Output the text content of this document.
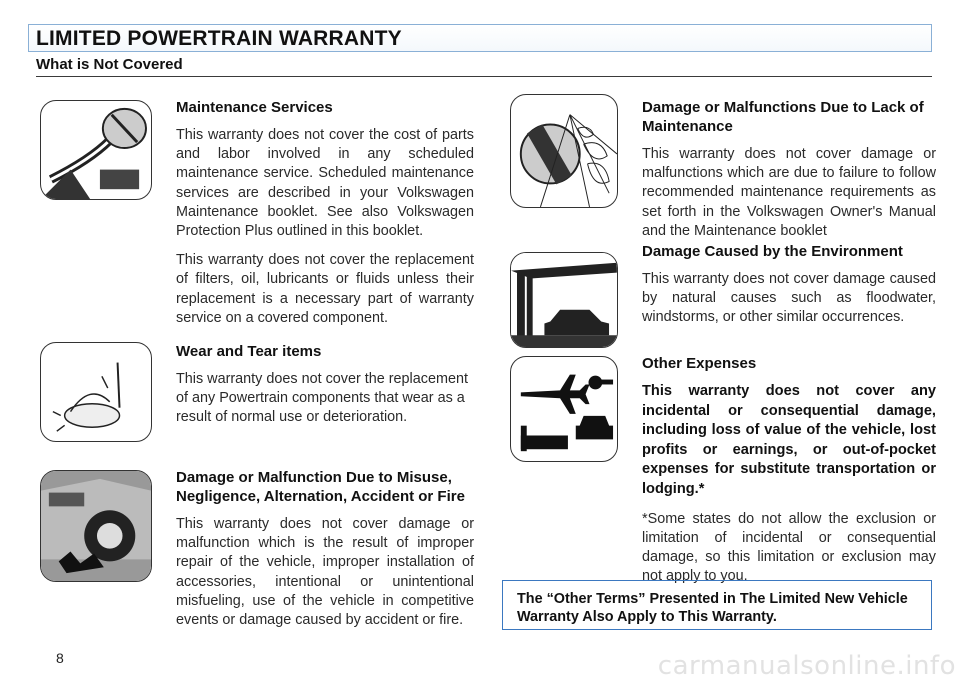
LIMITED POWERTRAIN WARRANTY
What is Not Covered
Maintenance Services

This warranty does not cover the cost of parts and labor involved in any scheduled maintenance service. Scheduled maintenance services are described in your Volkswagen Maintenance booklet. See also Volkswagen Protection Plus outlined in this booklet.

This warranty does not cover the replacement of filters, oil, lubricants or fluids unless their replacement is a necessary part of warranty service on a covered component.

Wear and Tear items

This warranty does not cover the replacement of any Powertrain components that wear as a result of normal use or deterioration.

Damage or Malfunction Due to Misuse, Negligence, Alternation, Accident or Fire

This warranty does not cover damage or malfunction which is the result of improper repair of the vehicle, improper installation of accessories, intentional or unintentional misfueling, use of the vehicle in competitive events or damage caused by accident or fire.

Damage or Malfunctions Due to Lack of Maintenance

This warranty does not cover damage or malfunctions which are due to failure to follow recommended maintenance requirements as set forth in the Volkswagen Owner's Manual and the Maintenance booklet

Damage Caused by the Environment

This warranty does not cover damage caused by natural causes such as floodwater, windstorms, or other similar occurrences.

Other Expenses

This warranty does not cover any incidental or consequential damage, including loss of value of the vehicle, lost profits or earnings, or out-of-pocket expenses for substitute transportation or lodging.*

*Some states do not allow the exclusion or limitation of incidental or consequential damage, so this limitation or exclusion may not apply to you.

The “Other Terms” Presented in The Limited New Vehicle Warranty Also Apply to This Warranty.
8	carmanualsonline.info
